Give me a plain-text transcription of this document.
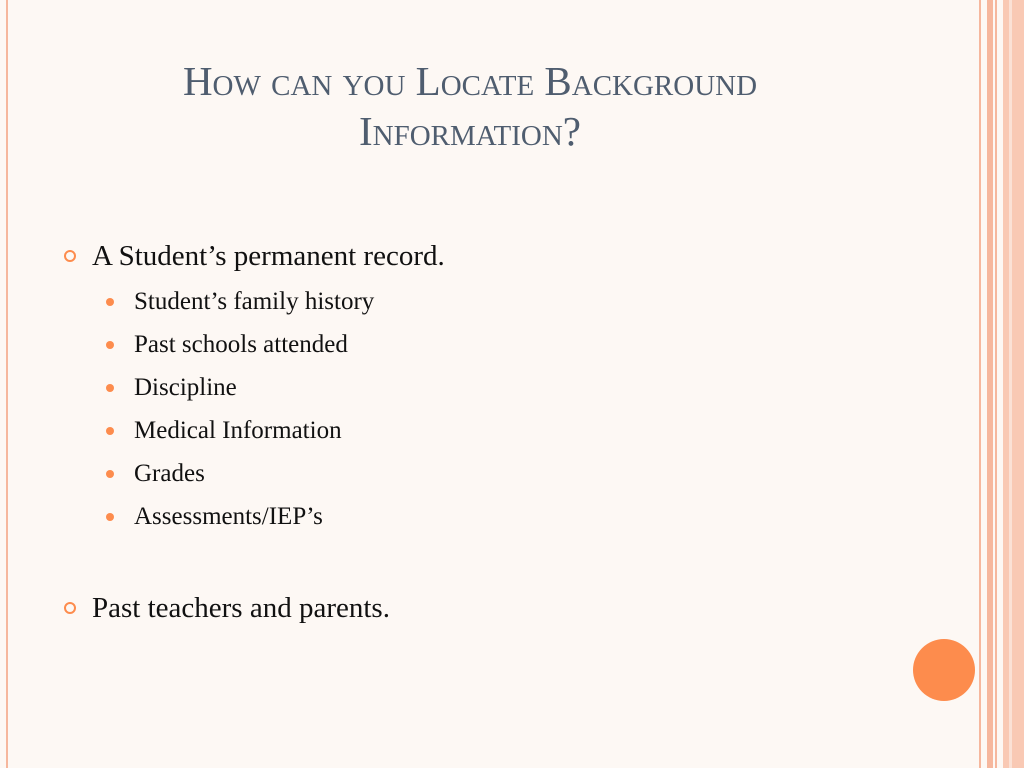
How can you Locate Background
Information?
A Student’s permanent record.
Student’s family history
Past schools attended
Discipline
Medical Information
Grades
Assessments/IEP’s
Past teachers and parents.
